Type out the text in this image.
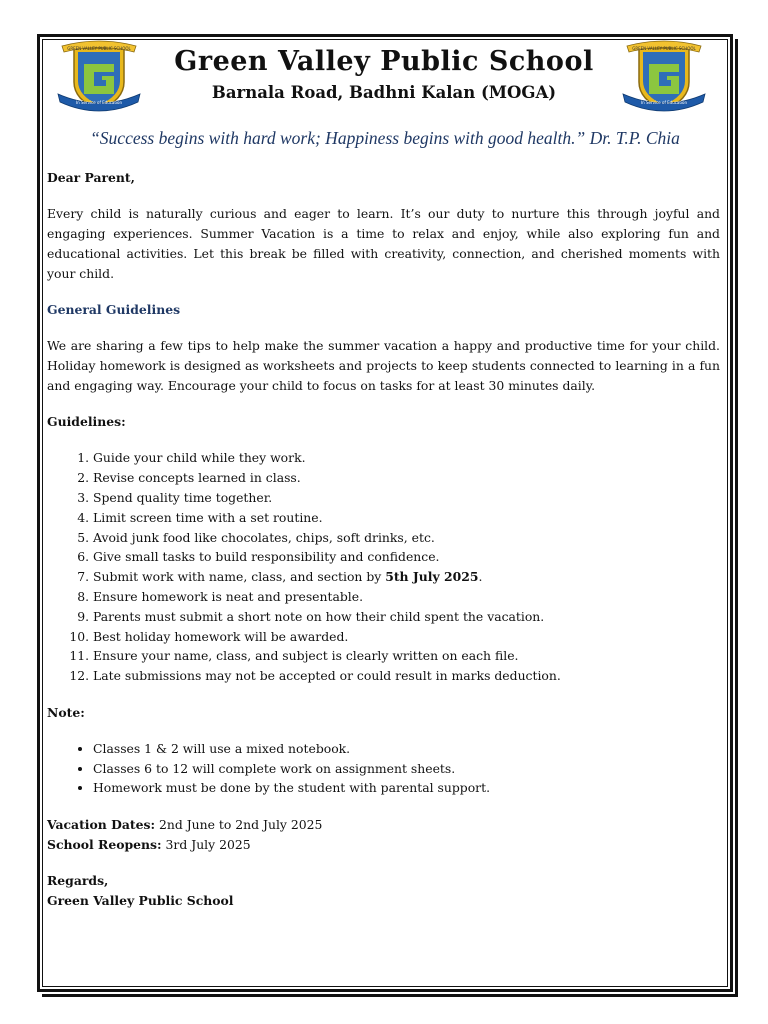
GREEN VALLEY PUBLIC SCHOOL
In Service of Education
GREEN VALLEY PUBLIC SCHOOL
In Service of Education
Green Valley Public School
Barnala Road, Badhni Kalan (MOGA)
“Success begins with hard work; Happiness begins with good health.” Dr. T.P. Chia

Dear Parent,

Every child is naturally curious and eager to learn. It’s our duty to nurture this through joyful and engaging experiences. Summer Vacation is a time to relax and enjoy, while also exploring fun and educational activities. Let this break be filled with creativity, connection, and cherished moments with your child.

General Guidelines

We are sharing a few tips to help make the summer vacation a happy and productive time for your child. Holiday homework is designed as worksheets and projects to keep students connected to learning in a fun and engaging way. Encourage your child to focus on tasks for at least 30 minutes daily.

Guidelines:

1. Guide your child while they work.
2. Revise concepts learned in class.
3. Spend quality time together.
4. Limit screen time with a set routine.
5. Avoid junk food like chocolates, chips, soft drinks, etc.
6. Give small tasks to build responsibility and confidence.
7. Submit work with name, class, and section by 5th July 2025.
8. Ensure homework is neat and presentable.
9. Parents must submit a short note on how their child spent the vacation.
10. Best holiday homework will be awarded.
11. Ensure your name, class, and subject is clearly written on each file.
12. Late submissions may not be accepted or could result in marks deduction.

Note:

• Classes 1 & 2 will use a mixed notebook.
• Classes 6 to 12 will complete work on assignment sheets.
• Homework must be done by the student with parental support.

Vacation Dates: 2nd June to 2nd July 2025

School Reopens: 3rd July 2025

Regards,

Green Valley Public School
